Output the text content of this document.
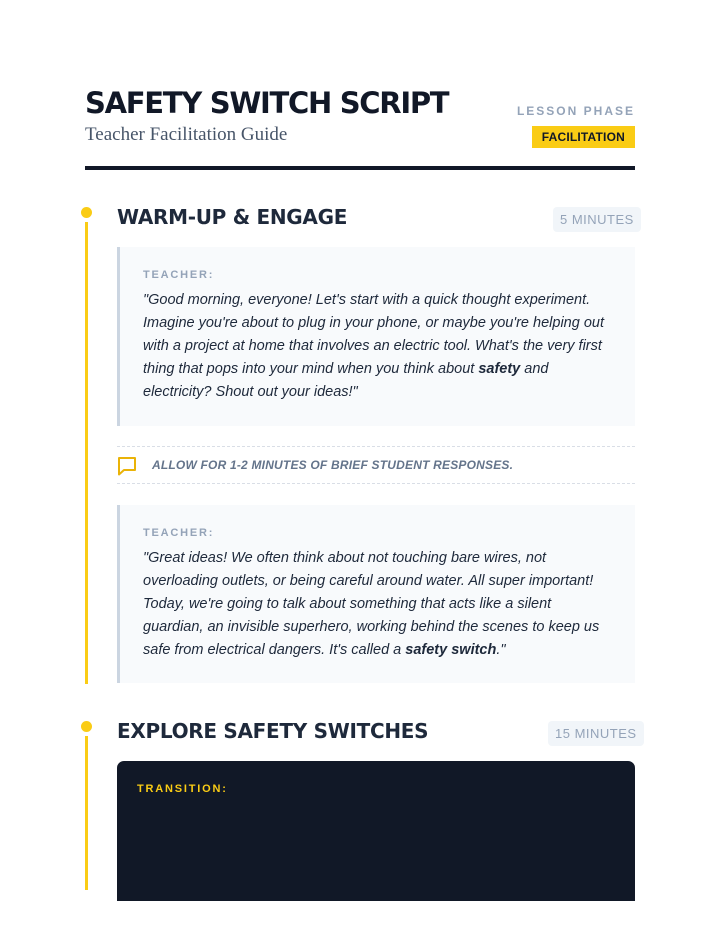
SAFETY SWITCH SCRIPT
Teacher Facilitation Guide
LESSON PHASE
FACILITATION
WARM-UP & ENGAGE	5 MINUTES
TEACHER:

"Good morning, everyone! Let's start with a quick thought experiment. Imagine you're about to plug in your phone, or maybe you're helping out with a project at home that involves an electric tool. What's the very first thing that pops into your mind when you think about safety and electricity? Shout out your ideas!"

ALLOW FOR 1-2 MINUTES OF BRIEF STUDENT RESPONSES.
TEACHER:

"Great ideas! We often think about not touching bare wires, not overloading outlets, or being careful around water. All super important! Today, we're going to talk about something that acts like a silent guardian, an invisible superhero, working behind the scenes to keep us safe from electrical dangers. It's called a safety switch."

EXPLORE SAFETY SWITCHES	15 MINUTES
TRANSITION:
